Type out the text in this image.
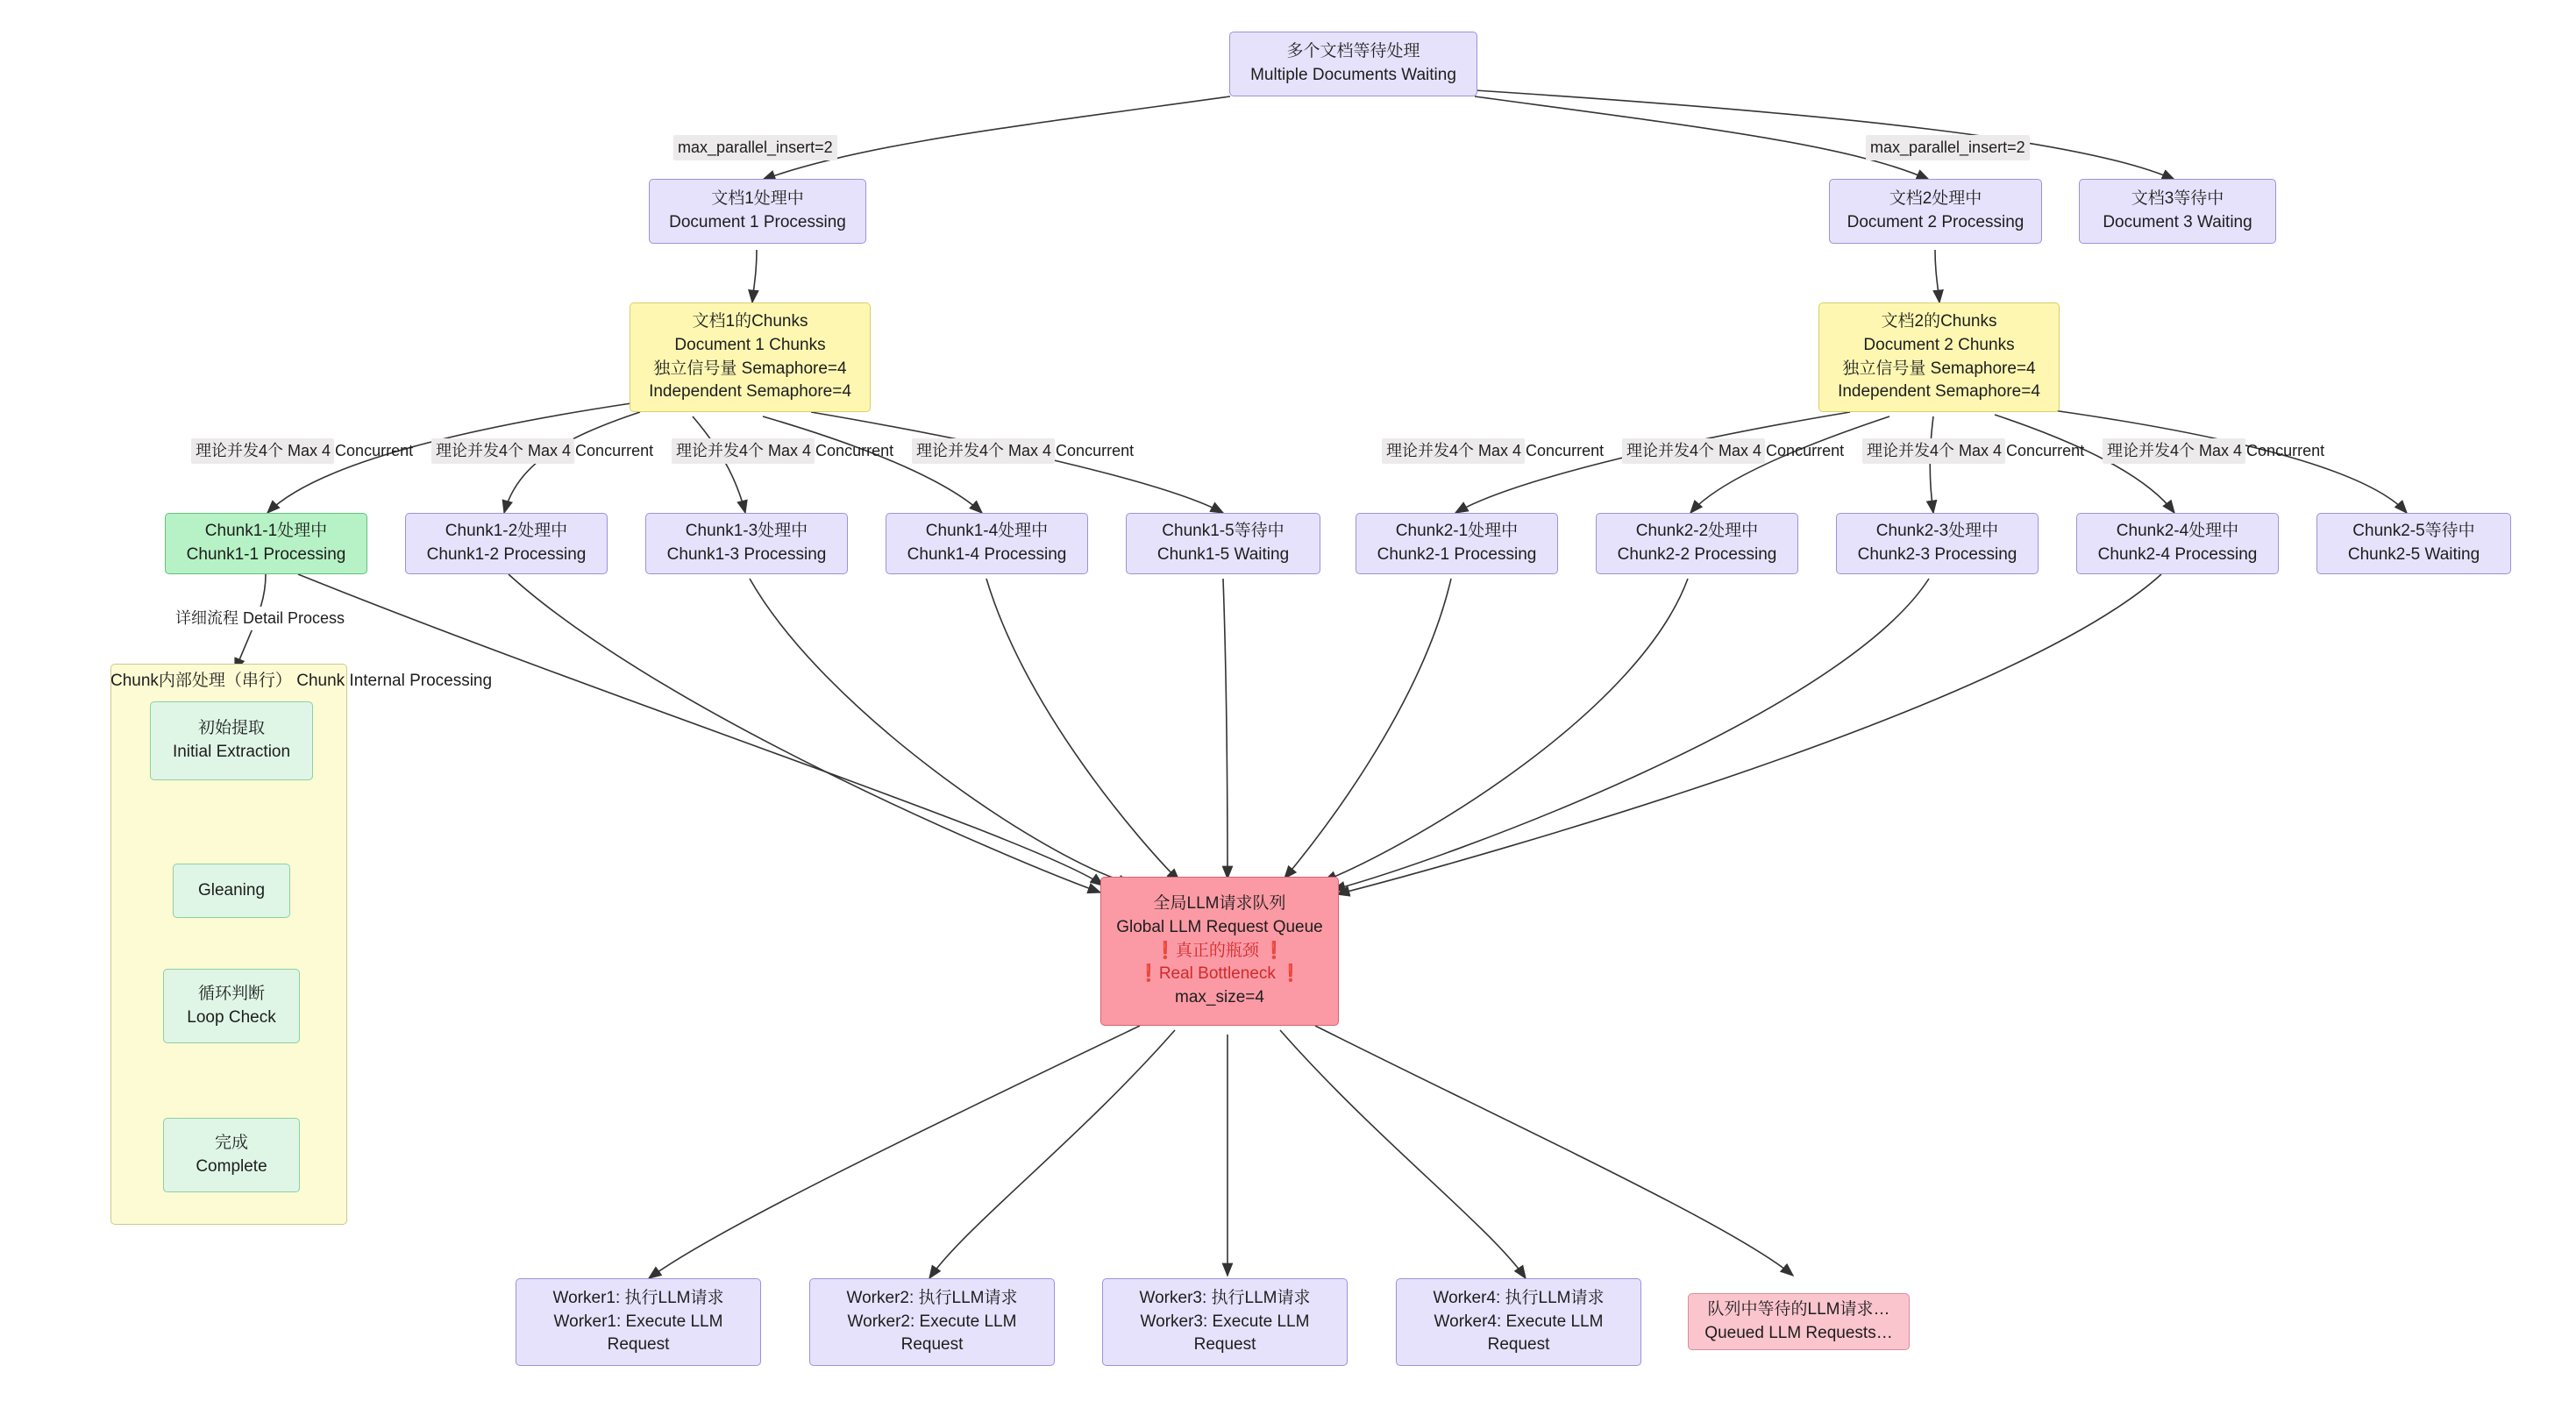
多个文档等待处理
Multiple Documents Waiting
max_parallel_insert=2	max_parallel_insert=2
文档1处理中
Document 1 Processing
文档2处理中
Document 2 Processing
文档3等待中
Document 3 Waiting
文档1的Chunks
Document 1 Chunks
独立信号量 Semaphore=4
Independent Semaphore=4
文档2的Chunks
Document 2 Chunks
独立信号量 Semaphore=4
Independent Semaphore=4
理论并发4个 Max 4 Concurrent 理论并发4个 Max 4 Concurrent 理论并发4个 Max 4 Concurrent 理论并发4个 Max 4 Concurrent	理论并发4个 Max 4 Concurrent 理论并发4个 Max 4 Concurrent 理论并发4个 Max 4 Concurrent 理论并发4个 Max 4 Concurrent
Chunk1-1处理中
Chunk1-1 Processing
Chunk1-2处理中
Chunk1-2 Processing
Chunk1-3处理中
Chunk1-3 Processing
Chunk1-4处理中
Chunk1-4 Processing
Chunk1-5等待中
Chunk1-5 Waiting
Chunk2-1处理中
Chunk2-1 Processing
Chunk2-2处理中
Chunk2-2 Processing
Chunk2-3处理中
Chunk2-3 Processing
Chunk2-4处理中
Chunk2-4 Processing
Chunk2-5等待中
Chunk2-5 Waiting
详细流程 Detail Process
Chunk内部处理（串行） Chunk Internal Processing
初始提取
Initial Extraction
Gleaning
循环判断
Loop Check
完成
Complete
全局LLM请求队列
Global LLM Request Queue
❗真正的瓶颈 ❗
❗Real Bottleneck ❗
max_size=4
Worker1: 执行LLM请求
Worker1: Execute LLM
Request
Worker2: 执行LLM请求
Worker2: Execute LLM
Request
Worker3: 执行LLM请求
Worker3: Execute LLM
Request
Worker4: 执行LLM请求
Worker4: Execute LLM
Request
队列中等待的LLM请求…
Queued LLM Requests…
